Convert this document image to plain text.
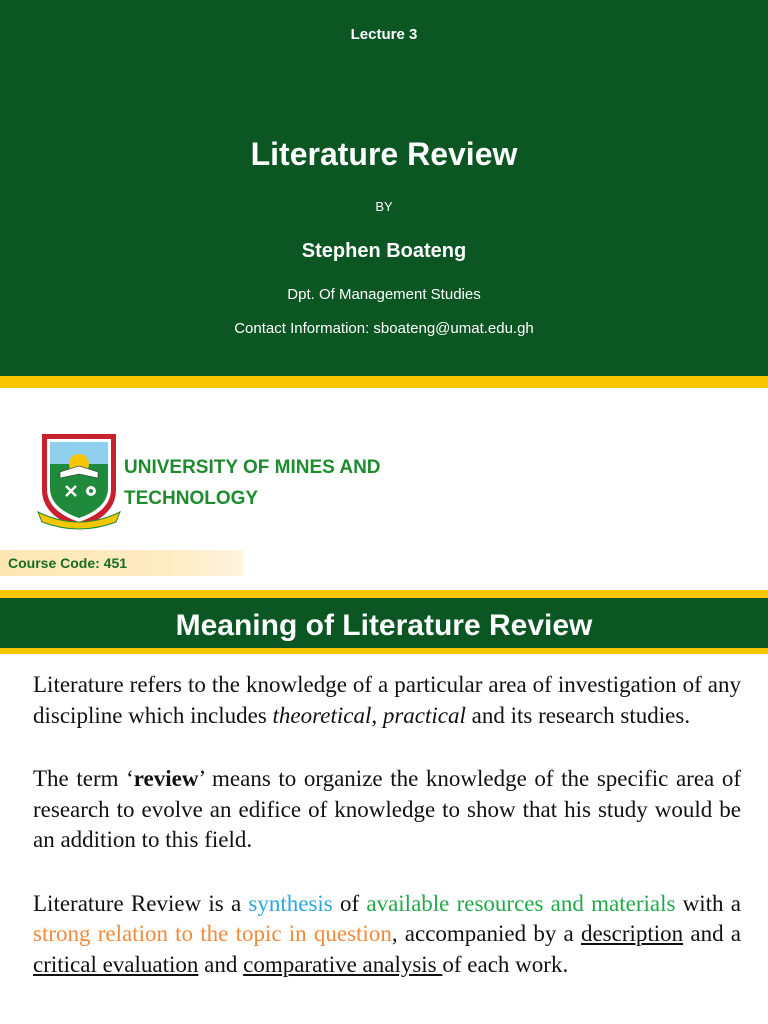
Lecture 3
Literature Review
BY
Stephen Boateng
Dpt. Of Management Studies
Contact Information: sboateng@umat.edu.gh
UNIVERSITY OF MINES AND
TECHNOLOGY
Course Code: 451
Meaning of Literature Review

Literature refers to the knowledge of a particular area of investigation of any discipline which includes theoretical, practical and its research studies.

The term ‘review’ means to organize the knowledge of the specific area of research to evolve an edifice of knowledge to show that his study would be an addition to this field.

Literature Review is a synthesis of available resources and materials with a strong relation to the topic in question, accompanied by a description and a critical evaluation and comparative analysis of each work.
